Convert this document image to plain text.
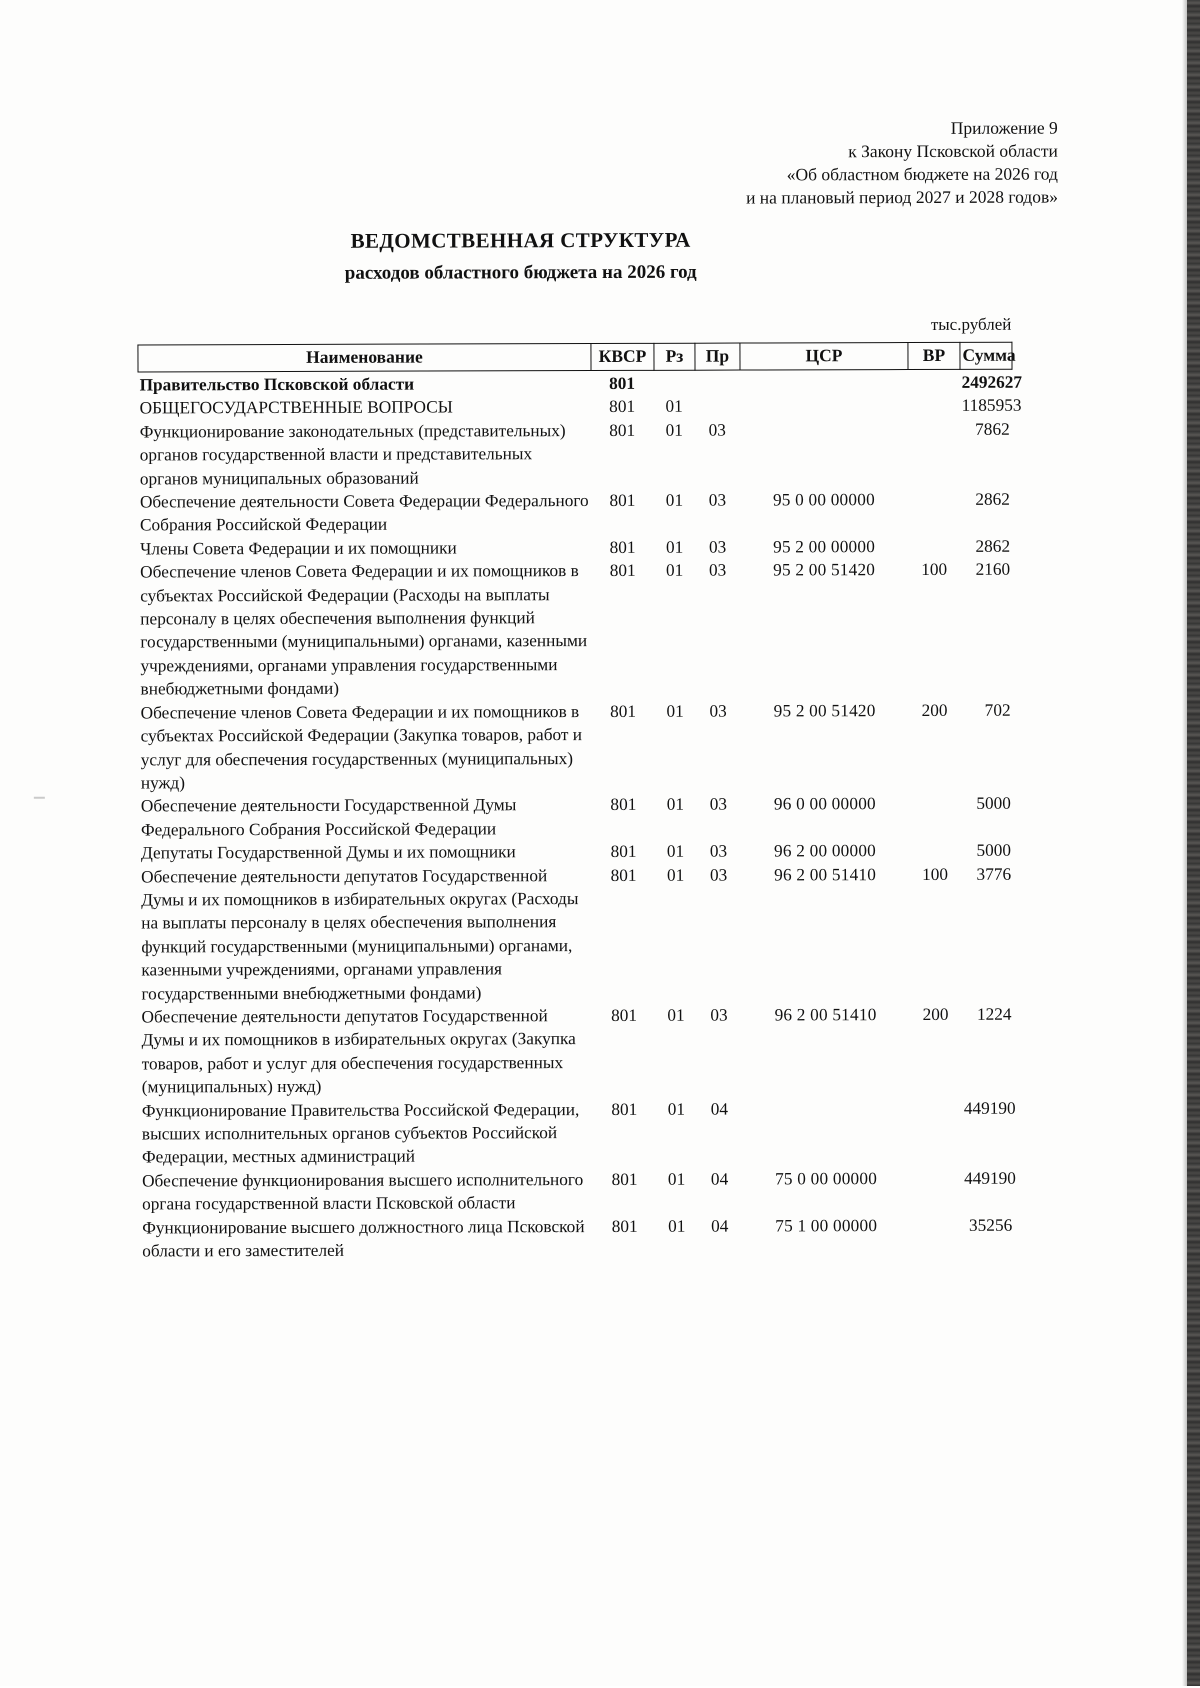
Приложение 9
к Закону Псковской области
«Об областном бюджете на 2026 год
и на плановый период 2027 и 2028 годов»
ВЕДОМСТВЕННАЯ СТРУКТУРА
расходов областного бюджета на 2026 год
тыс.рублей
Наименование	КВСР	Рз	Пр	ЦСР	ВР	Сумма
Правительство Псковской области	801					2492627
ОБЩЕГОСУДАРСТВЕННЫЕ ВОПРОСЫ	801	01				1185953
Функционирование законодательных (представительных) органов государственной власти и представительных органов муниципальных образований	801	01	03			7862
Обеспечение деятельности Совета Федерации Федерального Собрания Российской Федерации	801	01	03	95 0 00 00000		2862
Члены Совета Федерации и их помощники	801	01	03	95 2 00 00000		2862
Обеспечение членов Совета Федерации и их помощников в субъектах Российской Федерации (Расходы на выплаты персоналу в целях обеспечения выполнения функций государственными (муниципальными) органами, казенными учреждениями, органами управления государственными внебюджетными фондами)	801	01	03	95 2 00 51420	100	2160
Обеспечение членов Совета Федерации и их помощников в субъектах Российской Федерации (Закупка товаров, работ и услуг для обеспечения государственных (муниципальных) нужд)	801	01	03	95 2 00 51420	200	702
Обеспечение деятельности Государственной Думы Федерального Собрания Российской Федерации	801	01	03	96 0 00 00000		5000
Депутаты Государственной Думы и их помощники	801	01	03	96 2 00 00000		5000
Обеспечение деятельности депутатов Государственной Думы и их помощников в избирательных округах (Расходы на выплаты персоналу в целях обеспечения выполнения функций государственными (муниципальными) органами, казенными учреждениями, органами управления государственными внебюджетными фондами)	801	01	03	96 2 00 51410	100	3776
Обеспечение деятельности депутатов Государственной Думы и их помощников в избирательных округах (Закупка товаров, работ и услуг для обеспечения государственных (муниципальных) нужд)	801	01	03	96 2 00 51410	200	1224
Функционирование Правительства Российской Федерации, высших исполнительных органов субъектов Российской Федерации, местных администраций	801	01	04			449190
Обеспечение функционирования высшего исполнительного органа государственной власти Псковской области	801	01	04	75 0 00 00000		449190
Функционирование высшего должностного лица Псковской области и его заместителей	801	01	04	75 1 00 00000		35256
